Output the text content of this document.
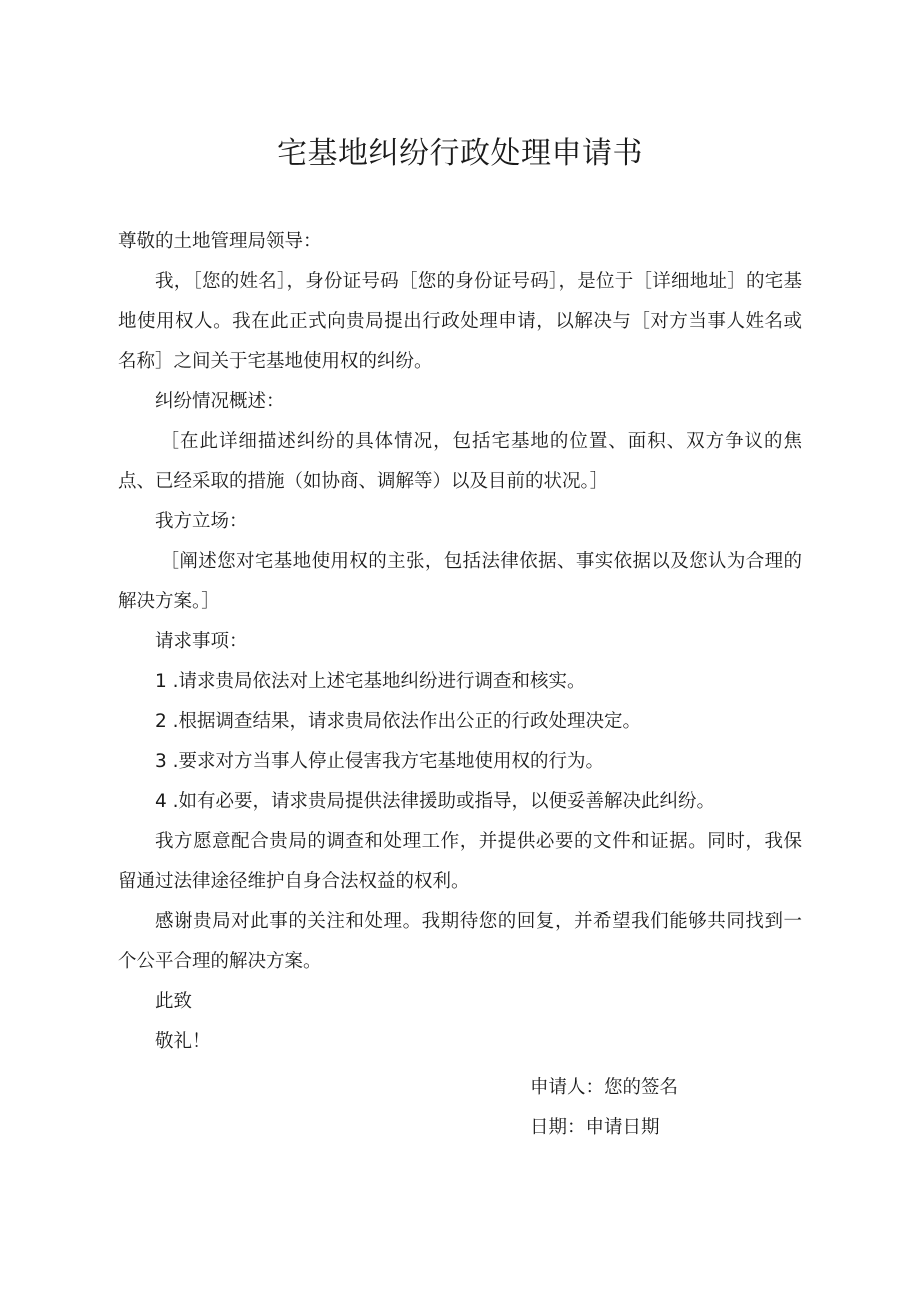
宅基地纠纷行政处理申请书

尊敬的土地管理局领导：

我，［您的姓名］，身份证号码［您的身份证号码］，是位于［详细地址］的宅基地使用权人。我在此正式向贵局提出行政处理申请，以解决与［对方当事人姓名或名称］之间关于宅基地使用权的纠纷。

纠纷情况概述：

［在此详细描述纠纷的具体情况，包括宅基地的位置、面积、双方争议的焦点、已经采取的措施（如协商、调解等）以及目前的状况。］

我方立场：

［阐述您对宅基地使用权的主张，包括法律依据、事实依据以及您认为合理的解决方案。］

请求事项：

1 .请求贵局依法对上述宅基地纠纷进行调查和核实。

2 .根据调查结果，请求贵局依法作出公正的行政处理决定。

3 .要求对方当事人停止侵害我方宅基地使用权的行为。

4 .如有必要，请求贵局提供法律援助或指导，以便妥善解决此纠纷。

我方愿意配合贵局的调查和处理工作，并提供必要的文件和证据。同时，我保留通过法律途径维护自身合法权益的权利。

感谢贵局对此事的关注和处理。我期待您的回复，并希望我们能够共同找到一个公平合理的解决方案。

此致

敬礼！

申请人：您的签名
日期：申请日期
